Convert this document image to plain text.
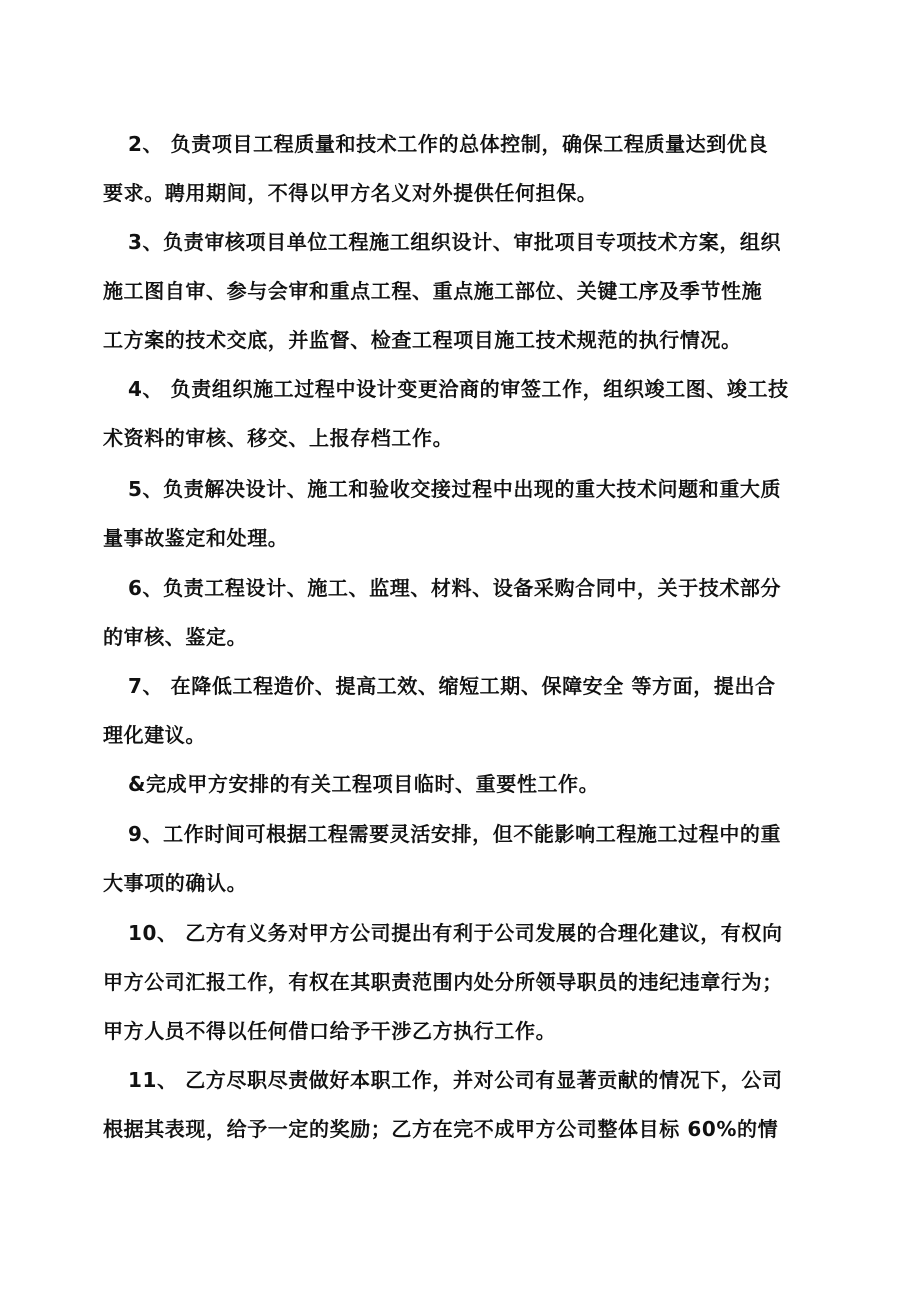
2、 负责项目工程质量和技术工作的总体控制，确保工程质量达到优良
要求。聘用期间，不得以甲方名义对外提供任何担保。
3、负责审核项目单位工程施工组织设计、审批项目专项技术方案，组织
施工图自审、参与会审和重点工程、重点施工部位、关键工序及季节性施
工方案的技术交底，并监督、检查工程项目施工技术规范的执行情况。
4、 负责组织施工过程中设计变更洽商的审签工作，组织竣工图、竣工技
术资料的审核、移交、上报存档工作。
5、负责解决设计、施工和验收交接过程中出现的重大技术问题和重大质
量事故鉴定和处理。
6、负责工程设计、施工、监理、材料、设备采购合同中，关于技术部分
的审核、鉴定。
7、 在降低工程造价、提高工效、缩短工期、保障安全 等方面，提出合
理化建议。
&完成甲方安排的有关工程项目临时、重要性工作。
9、工作时间可根据工程需要灵活安排，但不能影响工程施工过程中的重
大事项的确认。
10、 乙方有义务对甲方公司提出有利于公司发展的合理化建议，有权向
甲方公司汇报工作，有权在其职责范围内处分所领导职员的违纪违章行为；
甲方人员不得以任何借口给予干涉乙方执行工作。
11、 乙方尽职尽责做好本职工作，并对公司有显著贡献的情况下，公司
根据其表现，给予一定的奖励；乙方在完不成甲方公司整体目标 60%的情
